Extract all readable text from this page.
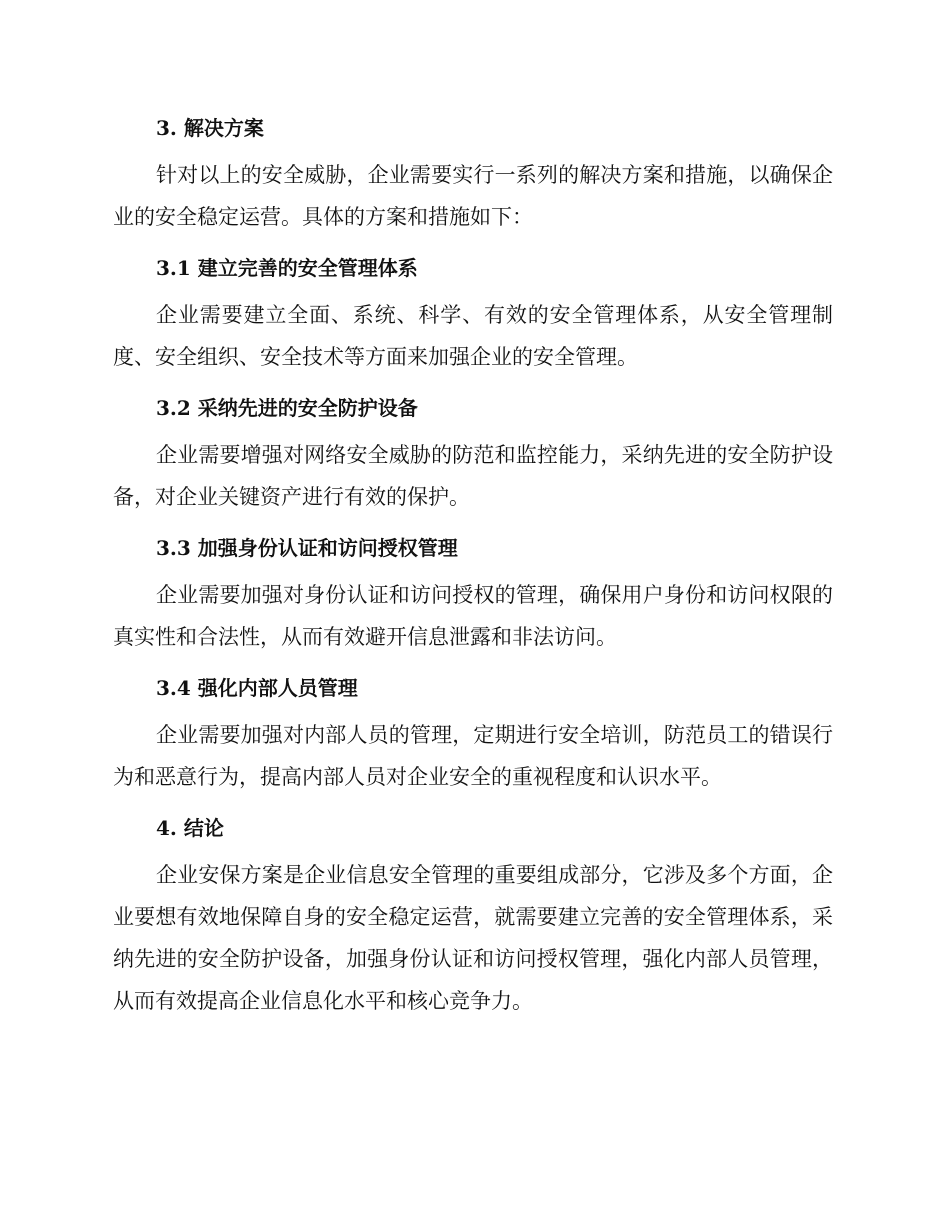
3. 解决方案

针对以上的安全威胁，企业需要实行一系列的解决方案和措施，以确保企业的安全稳定运营。具体的方案和措施如下：

3.1 建立完善的安全管理体系

企业需要建立全面、系统、科学、有效的安全管理体系，从安全管理制度、安全组织、安全技术等方面来加强企业的安全管理。

3.2 采纳先进的安全防护设备

企业需要增强对网络安全威胁的防范和监控能力，采纳先进的安全防护设备，对企业关键资产进行有效的保护。

3.3 加强身份认证和访问授权管理

企业需要加强对身份认证和访问授权的管理，确保用户身份和访问权限的真实性和合法性，从而有效避开信息泄露和非法访问。

3.4 强化内部人员管理

企业需要加强对内部人员的管理，定期进行安全培训，防范员工的错误行为和恶意行为，提高内部人员对企业安全的重视程度和认识水平。

4. 结论

企业安保方案是企业信息安全管理的重要组成部分，它涉及多个方面，企业要想有效地保障自身的安全稳定运营，就需要建立完善的安全管理体系，采纳先进的安全防护设备，加强身份认证和访问授权管理，强化内部人员管理，从而有效提高企业信息化水平和核心竞争力。
